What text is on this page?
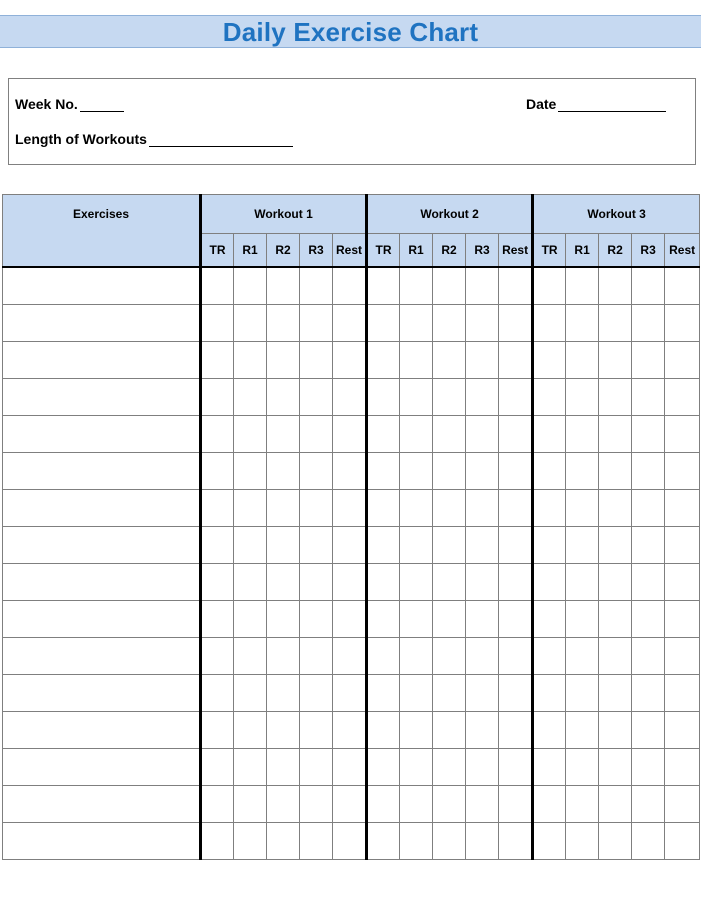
Daily Exercise Chart
Week No.
Length of Workouts
Date
Exercises	Workout 1					Workout 2					Workout 3				
	TR	R1	R2	R3	Rest	TR	R1	R2	R3	Rest	TR	R1	R2	R3	Rest
